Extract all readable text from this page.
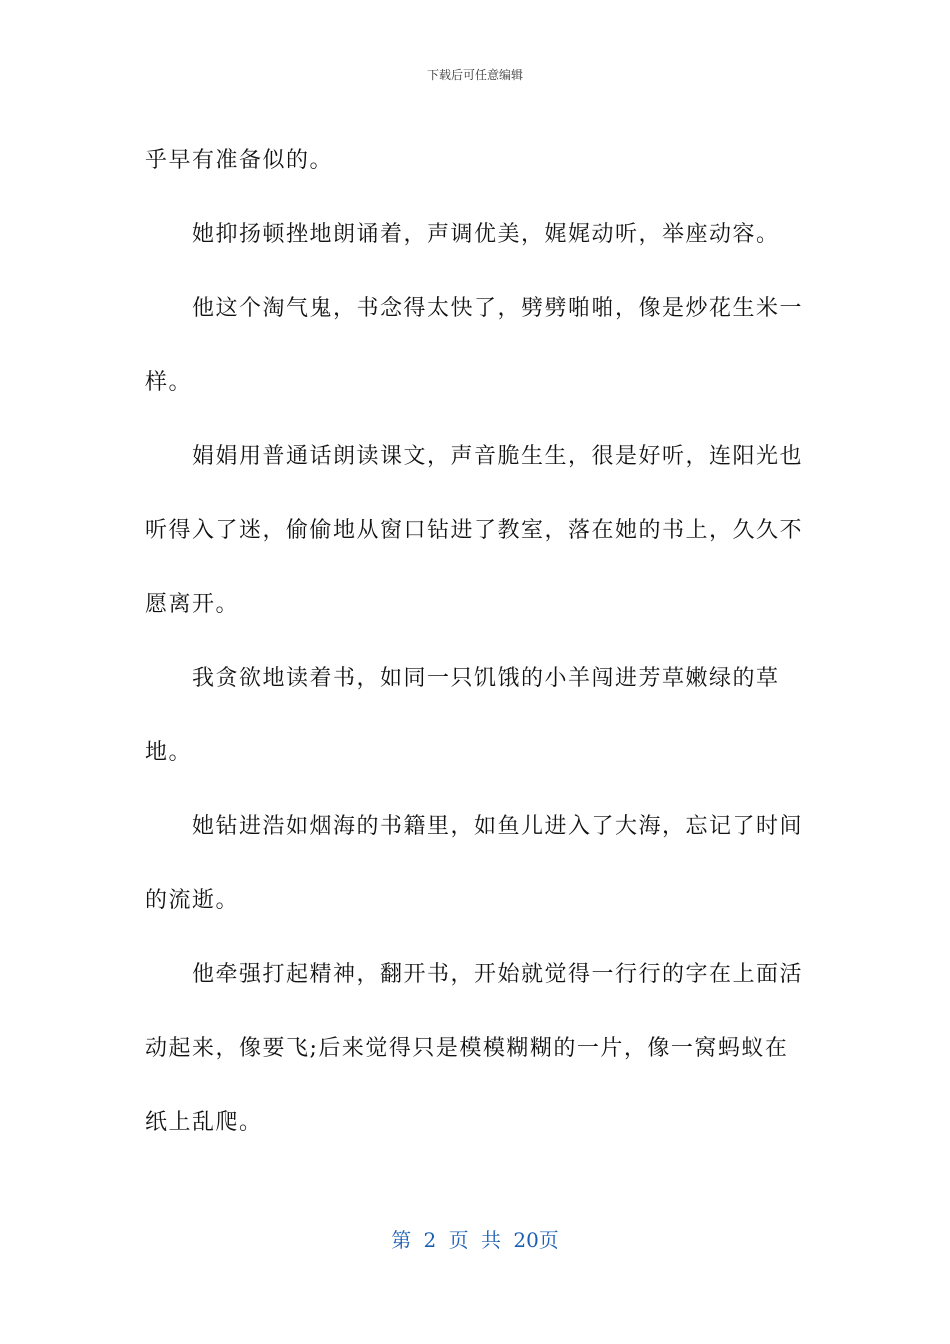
下载后可任意编辑

乎早有准备似的。

她抑扬顿挫地朗诵着，声调优美，娓娓动听，举座动容。

他这个淘气鬼，书念得太快了，劈劈啪啪，像是炒花生米一样。

娟娟用普通话朗读课文，声音脆生生，很是好听，连阳光也听得入了迷，偷偷地从窗口钻进了教室，落在她的书上，久久不愿离开。

我贪欲地读着书，如同一只饥饿的小羊闯进芳草嫩绿的草地。

她钻进浩如烟海的书籍里，如鱼儿进入了大海，忘记了时间的流逝。

他牵强打起精神，翻开书，开始就觉得一行行的字在上面活动起来，像要飞;后来觉得只是模模糊糊的一片，像一窝蚂蚁在纸上乱爬。

第 2 页 共 20页
